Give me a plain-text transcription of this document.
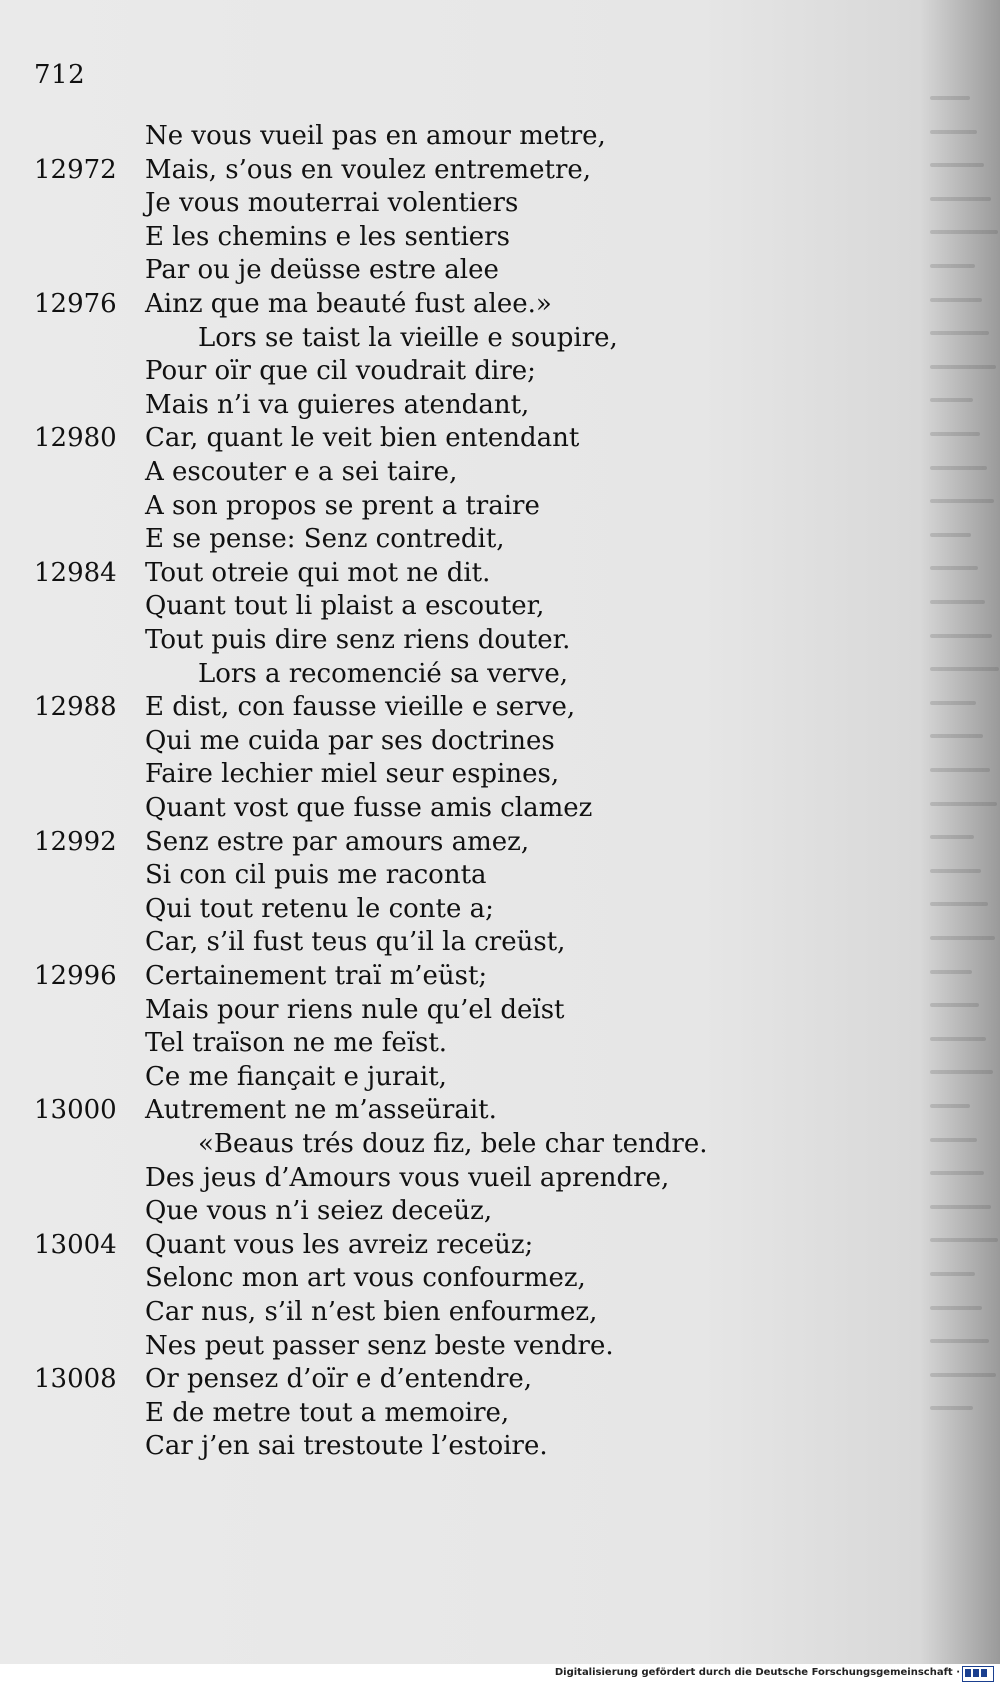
712
Ne vous vueil pas en amour metre,
12972 Mais, s’ous en voulez entremetre,
Je vous mouterrai volentiers
E les chemins e les sentiers
Par ou je deüsse estre alee
12976 Ainz que ma beauté fust alee.»
Lors se taist la vieille e soupire,
Pour oïr que cil voudrait dire;
Mais n’i va guieres atendant,
12980 Car, quant le veit bien entendant
A escouter e a sei taire,
A son propos se prent a traire
E se pense: Senz contredit,
12984 Tout otreie qui mot ne dit.
Quant tout li plaist a escouter,
Tout puis dire senz riens douter.
Lors a recomencié sa verve,
12988 E dist, con fausse vieille e serve,
Qui me cuida par ses doctrines
Faire lechier miel seur espines,
Quant vost que fusse amis clamez
12992 Senz estre par amours amez,
Si con cil puis me raconta
Qui tout retenu le conte a;
Car, s’il fust teus qu’il la creüst,
12996 Certainement traï m’eüst;
Mais pour riens nule qu’el deïst
Tel traïson ne me feïst.
Ce me fiançait e jurait,
13000 Autrement ne m’asseürait.
«Beaus trés douz fiz, bele char tendre.
Des jeus d’Amours vous vueil aprendre,
Que vous n’i seiez deceüz,
13004 Quant vous les avreiz receüz;
Selonc mon art vous confourmez,
Car nus, s’il n’est bien enfourmez,
Nes peut passer senz beste vendre.
13008 Or pensez d’oïr e d’entendre,
E de metre tout a memoire,
Car j’en sai trestoute l’estoire.
Digitalisierung gefördert durch die Deutsche Forschungsgemeinschaft ·
